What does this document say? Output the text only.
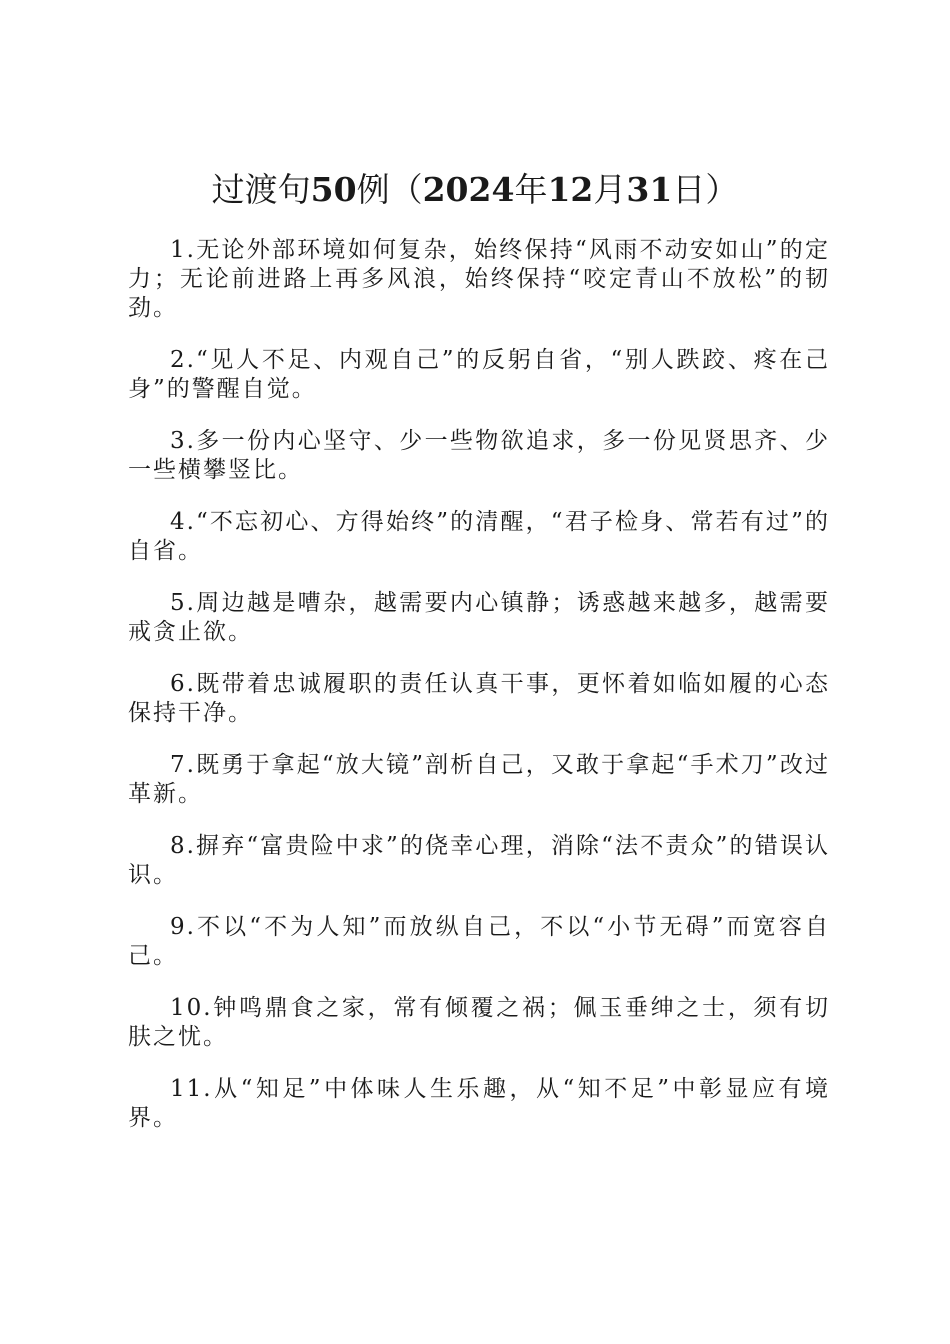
过渡句50例（2024年12月31日）
1.无论外部环境如何复杂，始终保持“风雨不动安如山”的定力；无论前进路上再多风浪，始终保持“咬定青山不放松”的韧劲。
2.“见人不足、内观自己”的反躬自省，“别人跌跤、疼在己身”的警醒自觉。
3.多一份内心坚守、少一些物欲追求，多一份见贤思齐、少一些横攀竖比。
4.“不忘初心、方得始终”的清醒，“君子检身、常若有过”的自省。
5.周边越是嘈杂，越需要内心镇静；诱惑越来越多，越需要戒贪止欲。
6.既带着忠诚履职的责任认真干事，更怀着如临如履的心态保持干净。
7.既勇于拿起“放大镜”剖析自己，又敢于拿起“手术刀”改过革新。
8.摒弃“富贵险中求”的侥幸心理，消除“法不责众”的错误认识。
9.不以“不为人知”而放纵自己，不以“小节无碍”而宽容自己。
10.钟鸣鼎食之家，常有倾覆之祸；佩玉垂绅之士，须有切肤之忧。
11.从“知足”中体味人生乐趣，从“知不足”中彰显应有境界。
